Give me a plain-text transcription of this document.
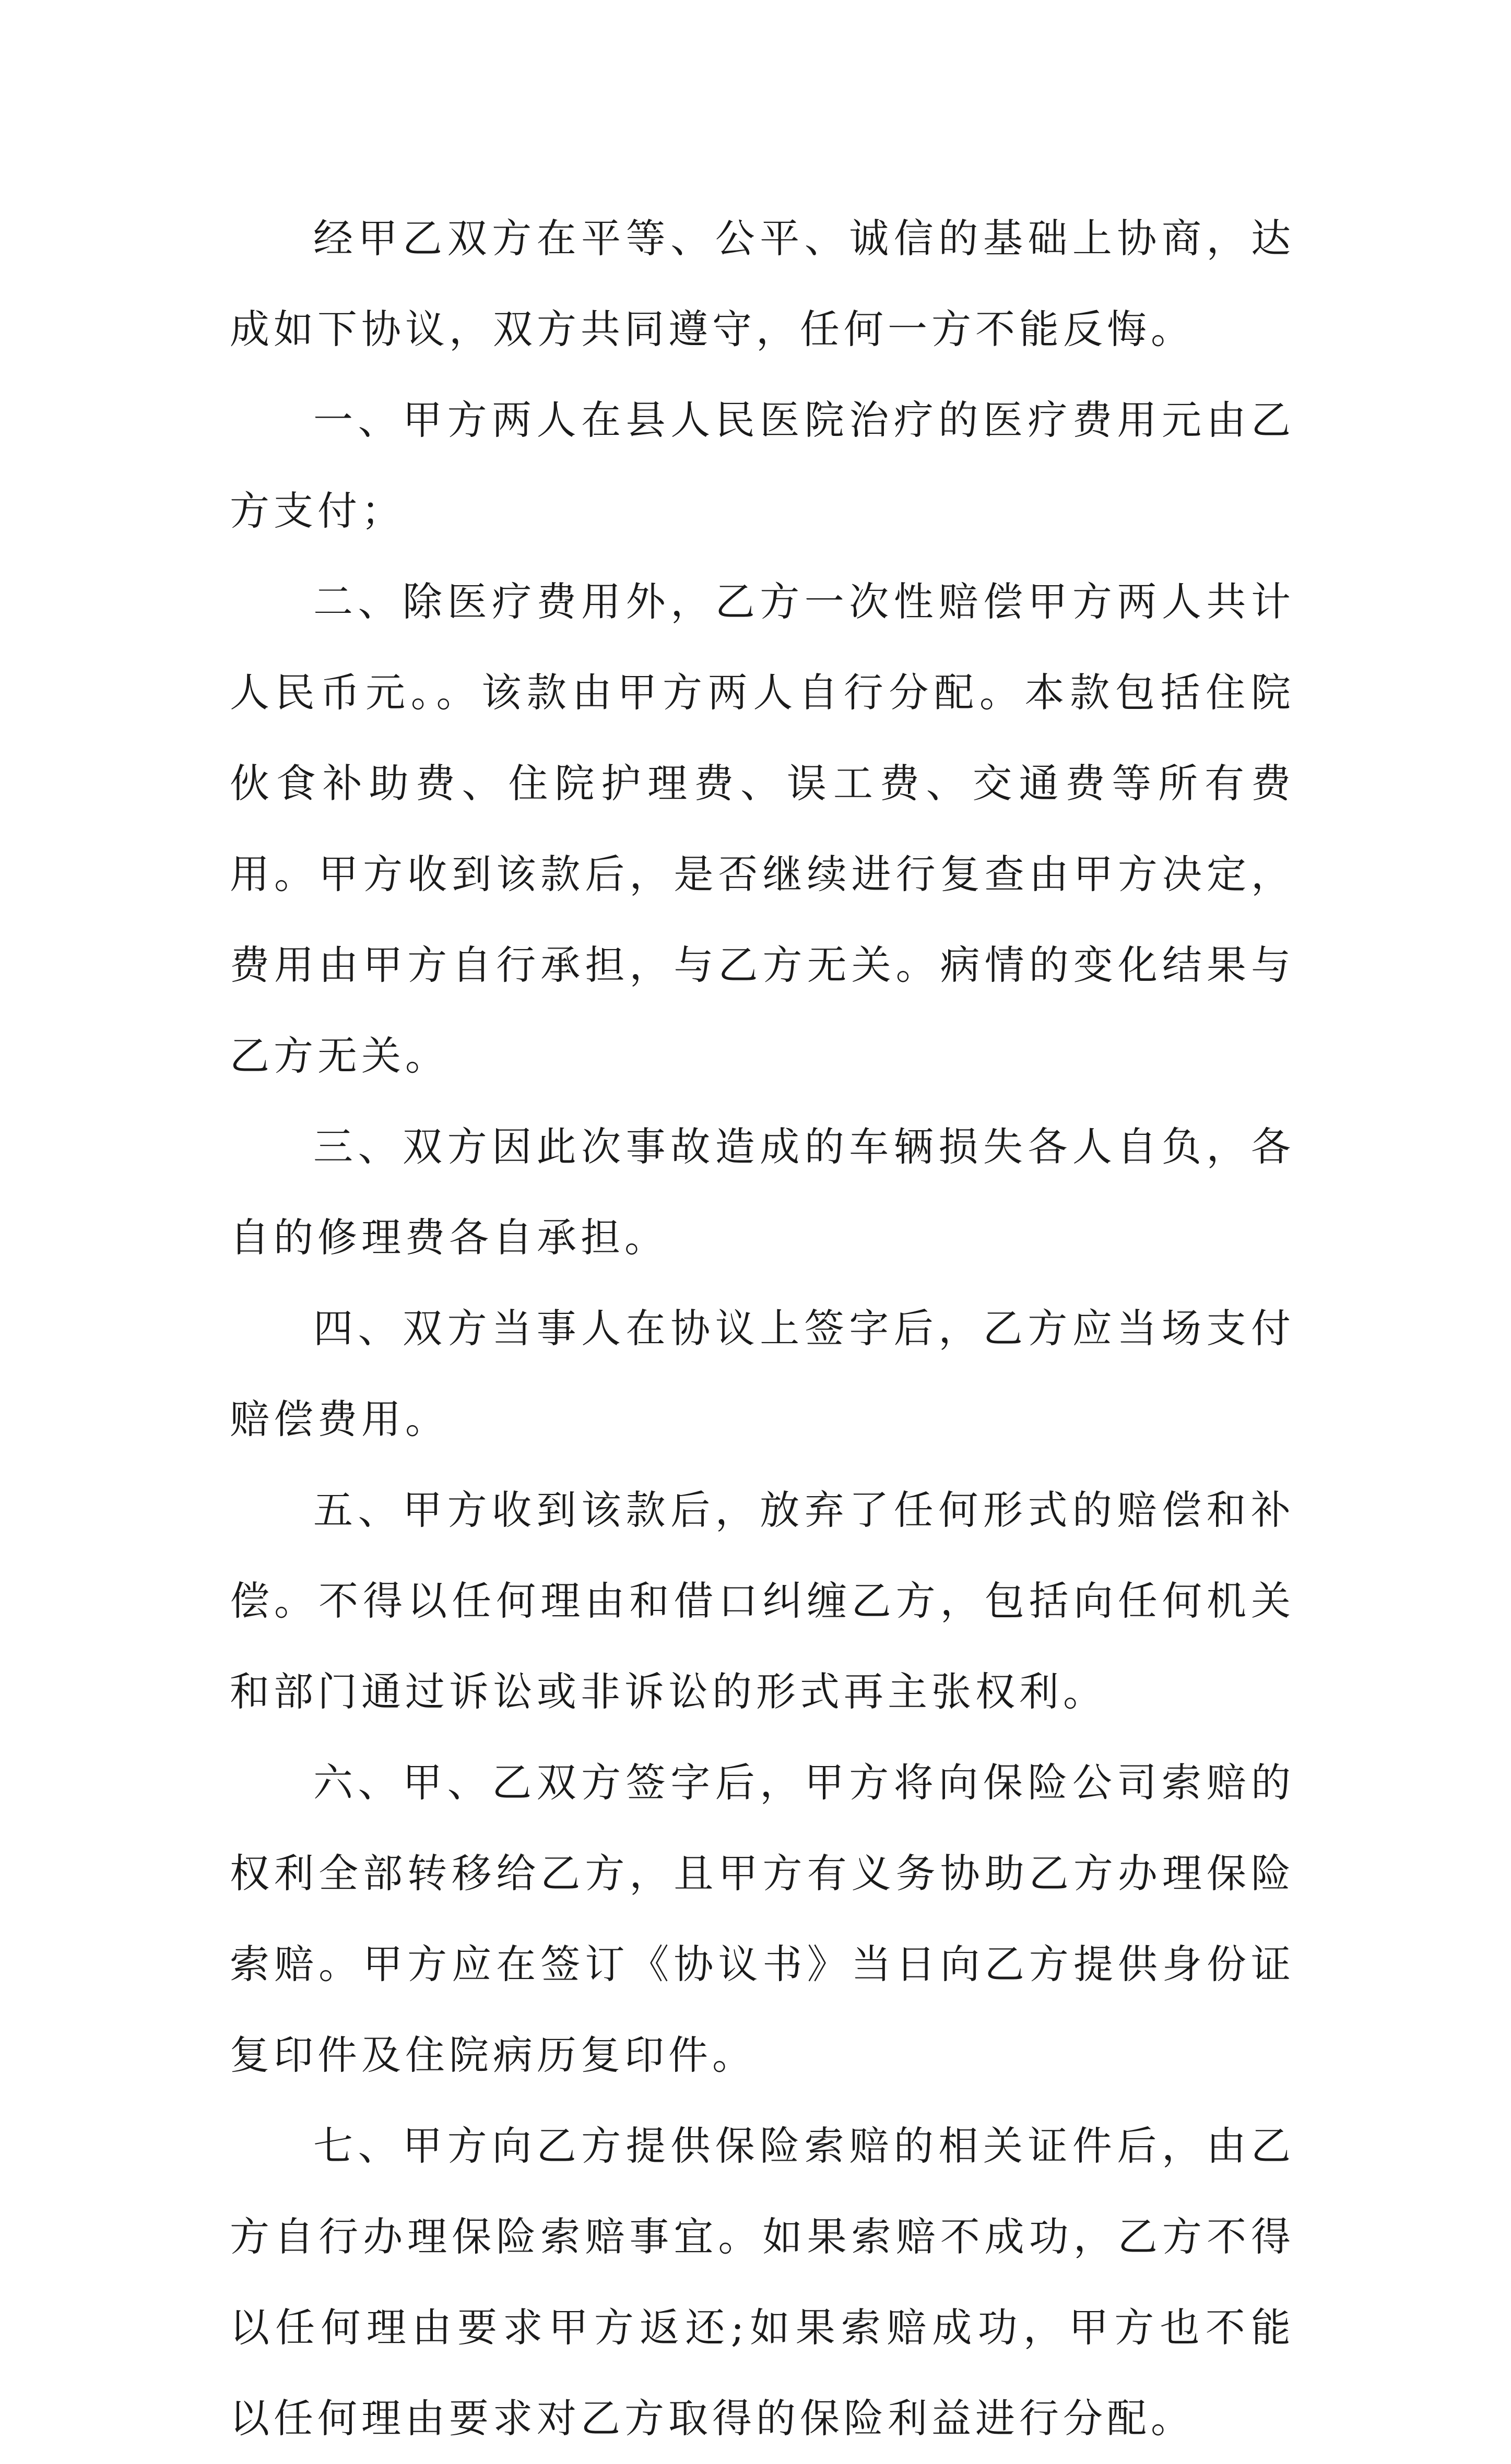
经甲乙双方在平等、公平、诚信的基础上协商，达成如下协议，双方共同遵守，任何一方不能反悔。

一、甲方两人在县人民医院治疗的医疗费用元由乙方支付；

二、除医疗费用外，乙方一次性赔偿甲方两人共计人民币元。。该款由甲方两人自行分配。本款包括住院伙食补助费、住院护理费、误工费、交通费等所有费用。甲方收到该款后，是否继续进行复查由甲方决定，费用由甲方自行承担，与乙方无关。病情的变化结果与乙方无关。

三、双方因此次事故造成的车辆损失各人自负，各自的修理费各自承担。

四、双方当事人在协议上签字后，乙方应当场支付赔偿费用。

五、甲方收到该款后，放弃了任何形式的赔偿和补偿。不得以任何理由和借口纠缠乙方，包括向任何机关和部门通过诉讼或非诉讼的形式再主张权利。

六、甲、乙双方签字后，甲方将向保险公司索赔的权利全部转移给乙方，且甲方有义务协助乙方办理保险索赔。甲方应在签订《协议书》当日向乙方提供身份证复印件及住院病历复印件。

七、甲方向乙方提供保险索赔的相关证件后，由乙方自行办理保险索赔事宜。如果索赔不成功，乙方不得以任何理由要求甲方返还;如果索赔成功，甲方也不能以任何理由要求对乙方取得的保险利益进行分配。
